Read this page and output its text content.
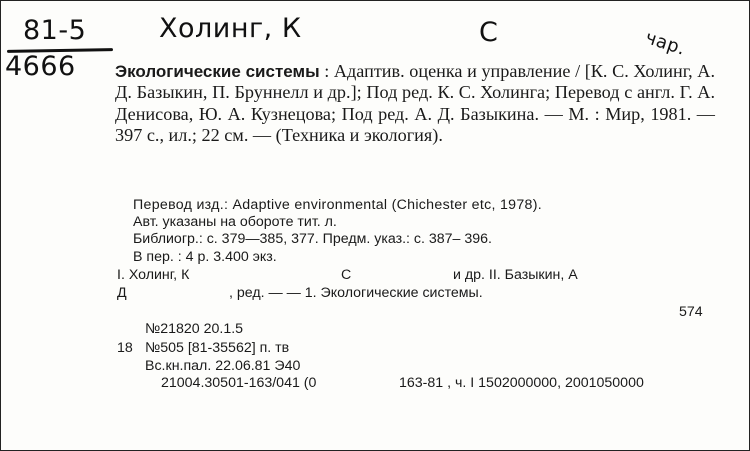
81-5
4666
Холинг, К	С	чар.
Экологические системы : Адаптив. оценка и управление / [К. С. Холинг, А. Д. Базыкин, П. Бруннелл и др.]; Под ред. К. С. Холинга; Перевод с англ. Г. А. Денисова, Ю. А. Кузнецова; Под ред. А. Д. Базыкина. — М. : Мир, 1981. — 397 с., ил.; 22 см. — (Техника и экология).
Перевод изд.: Adaptive environmental (Chichester etc, 1978).
Авт. указаны на обороте тит. л.
Библиогр.: с. 379—385, 377. Предм. указ.: с. 387– 396.
В пер. : 4 р. 3.400 экз.
I. Холинг, К	С	и др. II. Базыкин, А
Д	, ред. — — 1. Экологические системы.
574
№21820 20.1.5
18 №505 [81-35562] п. тв
Вс.кн.пал. 22.06.81 Э40
21004.30501-163/041 (0	163-81 , ч. I 1502000000, 2001050000
